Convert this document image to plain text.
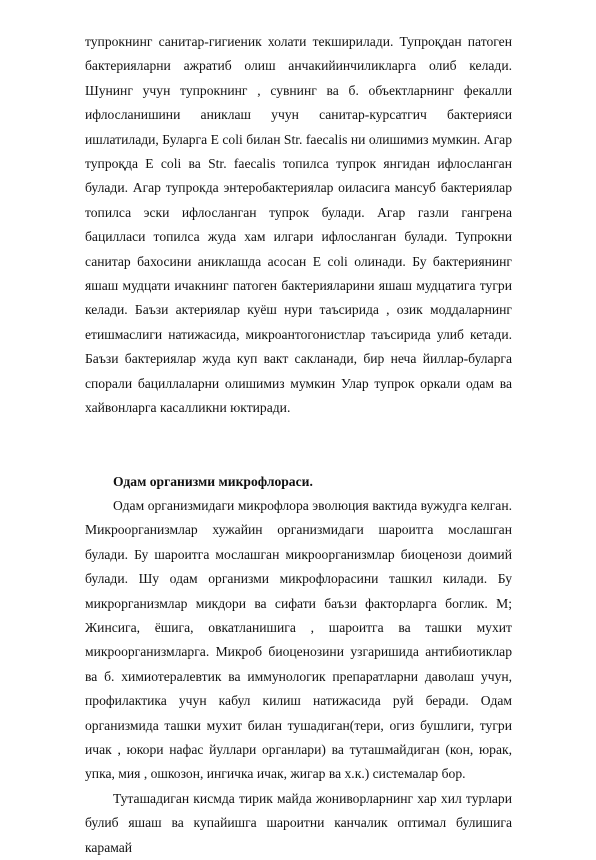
тупрокнинг санитар-гигиеник холати текширилади. Тупроқдан патоген бактерияларни ажратиб олиш анчакийинчиликларга олиб келади. Шунинг учун тупрокнинг , сувнинг ва б. объектларнинг фекалли ифлосланишини аниклаш учун санитар-курсатгич бактерияси ишлатилади, Буларга E coli билан Str. faecalis ни олишимиз мумкин. Агар тупроқда E coli ва Str. faecalis топилса тупрок янгидан ифлосланган булади. Агар тупрокда энтеробактериялар оиласига мансуб бактериялар топилса эски ифлосланган тупрок булади. Агар газли гангрена бацилласи топилса жуда хам илгари ифлосланган булади. Тупрокни санитар бахосини аниклашда асосан E coli олинади. Бу бактериянинг яшаш мудцати ичакнинг патоген бактерияларини яшаш мудцатига тугри келади. Баъзи актериялар куёш нури таъсирида , озик моддаларнинг етишмаслиги натижасида, микроантогонистлар таъсирида улиб кетади. Баъзи бактериялар жуда куп вакт сакланади, бир неча йиллар-буларга спорали бациллаларни олишимиз мумкин Улар тупрок оркали одам ва хайвонларга касалликни юктиради.

Одам организми микрофлораси.

Одам организмидаги микрофлора эволюция вактида вужудга келган. Микроорганизмлар хужайин организмидаги шароитга мослашган булади. Бу шароитга мослашган микроорганизмлар биоценози доимий булади. Шу одам организми микрофлорасини ташкил килади. Бу микрорганизмлар микдори ва сифати баъзи факторларга боглик. М; Жинсига, ёшига, овкатланишига , шароитга ва ташки мухит микроорганизмларга. Микроб биоценозини узгаришида антибиотиклар ва б. химиотералевтик ва иммунологик препаратларни даволаш учун, профилактика учун кабул килиш натижасида руй беради. Одам организмида ташки мухит билан тушадиган(тери, огиз бушлиги, тугри ичак , юкори нафас йуллари органлари) ва туташмайдиган (кон, юрак, упка, мия , ошкозон, ингичка ичак, жигар ва х.к.) системалар бор.

Туташадиган кисмда тирик майда жониворларнинг хар хил турлари булиб яшаш ва купайишга шароитни канчалик оптимал булишига карамай
